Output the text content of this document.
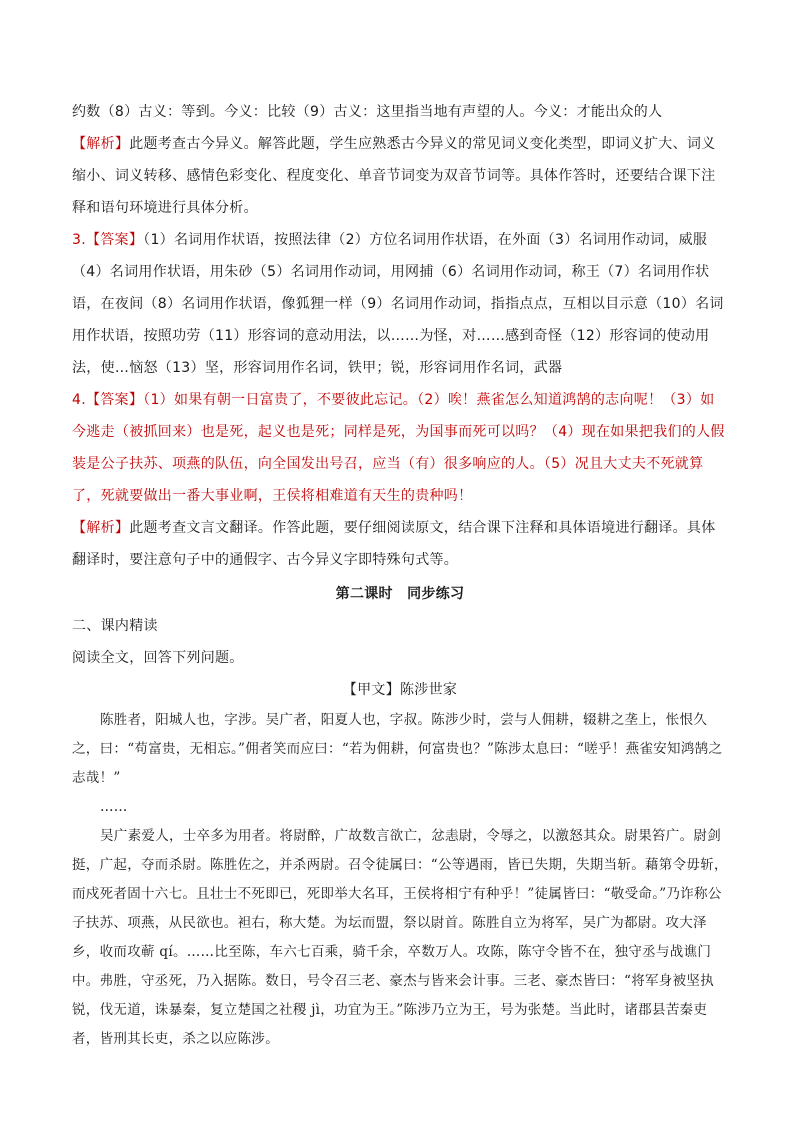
约数（8）古义：等到。今义：比较（9）古义：这里指当地有声望的人。今义：才能出众的人

【解析】此题考查古今异义。解答此题，学生应熟悉古今异义的常见词义变化类型，即词义扩大、词义缩小、词义转移、感情色彩变化、程度变化、单音节词变为双音节词等。具体作答时，还要结合课下注释和语句环境进行具体分析。

3.【答案】（1）名词用作状语，按照法律（2）方位名词用作状语，在外面（3）名词用作动词，威服（4）名词用作状语，用朱砂（5）名词用作动词，用网捕（6）名词用作动词，称王（7）名词用作状语，在夜间（8）名词用作状语，像狐狸一样（9）名词用作动词，指指点点，互相以目示意（10）名词用作状语，按照功劳（11）形容词的意动用法，以……为怪，对……感到奇怪（12）形容词的使动用法，使…恼怒（13）坚，形容词用作名词，铁甲；锐，形容词用作名词，武器

4.【答案】（1）如果有朝一日富贵了，不要彼此忘记。（2）唉！燕雀怎么知道鸿鹄的志向呢！（3）如今逃走（被抓回来）也是死，起义也是死；同样是死，为国事而死可以吗？（4）现在如果把我们的人假装是公子扶苏、项燕的队伍，向全国发出号召，应当（有）很多响应的人。（5）况且大丈夫不死就算了，死就要做出一番大事业啊，王侯将相难道有天生的贵种吗！

【解析】此题考查文言文翻译。作答此题，要仔细阅读原文，结合课下注释和具体语境进行翻译。具体翻译时，要注意句子中的通假字、古今异义字即特殊句式等。

第二课时　同步练习

二、课内精读

阅读全文，回答下列问题。

【甲文】陈涉世家

陈胜者，阳城人也，字涉。吴广者，阳夏人也，字叔。陈涉少时，尝与人佣耕，辍耕之垄上，怅恨久之，曰：“苟富贵，无相忘。”佣者笑而应曰：“若为佣耕，何富贵也？”陈涉太息曰：“嗟乎！燕雀安知鸿鹄之志哉！”

……

吴广素爱人，士卒多为用者。将尉醉，广故数言欲亡，忿恚尉，令辱之，以激怒其众。尉果笞广。尉剑挺，广起，夺而杀尉。陈胜佐之，并杀两尉。召令徒属曰：“公等遇雨，皆已失期，失期当斩。藉第令毋斩，而戍死者固十六七。且壮士不死即已，死即举大名耳，王侯将相宁有种乎！”徒属皆曰：“敬受命。”乃诈称公子扶苏、项燕，从民欲也。袒右，称大楚。为坛而盟，祭以尉首。陈胜自立为将军，吴广为都尉。攻大泽乡，收而攻蕲 qí。……比至陈，车六七百乘，骑千余，卒数万人。攻陈，陈守令皆不在，独守丞与战谯门中。弗胜，守丞死，乃入据陈。数日，号令召三老、豪杰与皆来会计事。三老、豪杰皆曰：“将军身被坚执锐，伐无道，诛暴秦，复立楚国之社稷 jì，功宜为王。”陈涉乃立为王，号为张楚。当此时，诸郡县苦秦吏者，皆刑其长吏，杀之以应陈涉。
